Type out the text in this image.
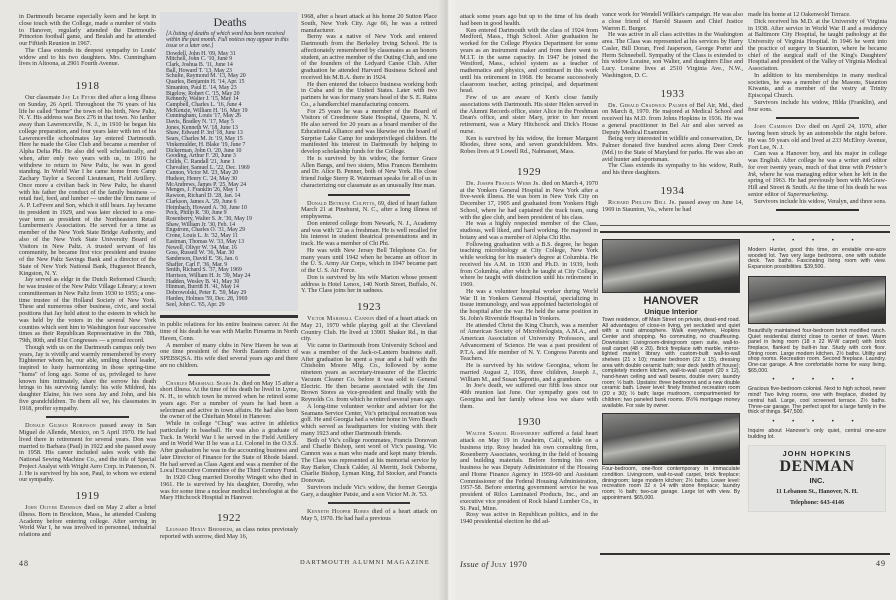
in Dartmouth became especially keen and he kept in close touch with the College, made a number of visits to Hanover, regularly attended the Dartmouth-Princeton football game, and Beulah and he attended our Fiftieth Reunion in 1967.

The Class extends its deepest sympathy to Louis' widow and to his two daughters. Mrs. Cunningham lives in Altoona, at 2901 Fourth Avenue.

1918

Our classmate Jay Le Fevre died after a long illness on Sunday, 26 April. Throughout the 76 years of his life he called "home" the town of his birth, New Paltz, N. Y. His address was Box 276 in that town. No farther away than Lawrenceville, N. J., in 1910 he began his college preparation, and four years later with ten of his Lawrenceville schoolmates Jay entered Dartmouth. Here he made the Glee Club and became a member of Alpha Delta Phi. He also did well scholastically, and when, after only two years with us, in 1916 he withdrew to return to New Paltz, he was in good standing. In World War I he came home from Camp Zachary Taylor a Second Lieutenant, Field Artillery. Once more a civilian back in New Paltz, he shared with his father the conduct of the family business — retail fuel, feed, and lumber — under the firm name of A. P. LeFevre and Son, which it still bears. Jay became its president in 1929, and was later elected to a one-year term as president of the Northeastern Retail Lumbermen's Association. He served for a time as member of the New York State Bridge Authority, and also of the New York State University Board of Visitors in New Paltz. A trusted servant of his community, he became first vice president and trustee of the New Paltz Savings Bank and a director of the State of New York National Bank, Huguenot Branch, Kingston, N. Y.

Jay served as eldgr in the Dutch Reformed Church; he was trustee of the New Paltz Village Library; a town committeeman in New Paltz from 1930 to 1955; a one-time trustee of the Holland Society of New York. These and numerous other business, civic, and social positions that Jay held attest to the esteem in which he was held by the voters in the several New York counties which sent him to Washington four successive times as their Republican Representative in the 78th, 79th, 80th, and 81st Congresses — a proud record.

Though with us on the Dartmouth campus only two years, Jay is vividly and warmly remembered by every Eighteener whom he, our able, smiling choral leader, inspired to lusty harmonizing in those spring-time "hums" of long ago. Some of us, privileged to have known him intimately, share the sorrow his death brings to his surviving family: his wife Mildred, his daughter Elaine, his two sons Jay and John, and his five grandchildren. To them all we, his classmates in 1918, proffer sympathy.

Donald Gilman Robinson passed away in San Miguel de Allende, Mexico, on 5 April 1970. He had lived there in retirement for several years. Don was married to Barbara (Paul) in 1922 and she passed away in 1958. His career included sales work with the National Sewing Machine Co., and the title of Special Project Analyst with Wright Aero Corp. in Paterson, N. J. He is survived by his son, Paul, to whom we extend our sympathy.

1919

John Oliver Emerson died on May 2 after a brief illness. Born in Brockton, Mass., he attended Cushing Academy before entering college. After serving in World War I, he was involved in personnel, industrial relations and

Deaths
[A listing of deaths of which word has been received within the past month. Full notices may appear in this issue or a later one.]
Dowdell, John H. '09, May 31
Mitchell, John C. '10, June 9
Clark, Joshua B. '11, June 14
Ball, Howard T. '13, May 23
Schulte, Raymond M. '13, May 20
Quarles, Benjamin H. '14, Apr. 15
Simanton, Paul E. '14, May 23
Bigelow, Robert C. '15, May 20
Kennedy, Walter J. '15, May 14
Campbell, Charles L. '16, June 4
McKenzie, William H. '16, May 19
Cunningham, Louis '17, May 26
Davis, Bradley N. '17, May 5
Jones, Kenneth W. '18, June 13
Shaw, Edward P. 3rd '18, June 13
Sears, Charles M. Jr. '19, May 15
Vinkemulder, H. Blake '19, June 7
Dickerman, John O. '20, June 10
Gooding, Arthur F. '20, June 3
Childs, C. Randall '21, June 1
Chevalier, Samuel L. '22, Dec. 1969
Cannon, Victor M. '23, May 20
Hudson, Henry C. '24, May 30
McAndrews, James P. '25, May 24
Menges, J. Franklin '26, May 1
Rawson, Richard D. '28, Jan. 14
Clarkson, James A. '29, June 6
Heimbach, Howard A. '30, June 10
Peck, Philip R. '30, June 9
Rosenberry, Walter S. Jr. '30, May 19
Shaw, William Jr. '30, Feb. 14
Engstrom, Charles O. '31, May 29
Crone, Louis L. Jr. '32, May 11
Eastman, Thomas W. '33, May 13
Newell, Oliver W. '34, Mar. 16
Goss, Russell W. '36, Mar. 30
Sanderson, David E. '36, Jan. 6
Shaffer, Carl F. '36, Mar. 9
Smith, Richard S. '37, May 1969
Harrison, William H. Jr. '39, May 24
Hadden, Wesley B. '41, May 30
Hinman, Burritt H. '41, May 14
Dobrowolski, Peter E. '59, May 29
Harden, Holmes '59, Dec. 28, 1969
Seel, John C. '65, Apr. 29

in public relations for his entire business career. At the time of his death he was with Marlin Firearms in North Haven, Conn.

A member of many clubs in New Haven he was at one time president of the North Eastern district of SPEBSQSA. His wife died several years ago and there are no children.

Charles Marshall Sears Jr. died on May 15 after a short illness. At the time of his death he lived in Lyme, N. H., to which town he moved when he retired some years ago. For a number of years he had been a selectman and active in town affairs. He had also been the owner of the Chieftain Motel in Hanover.

While in college "Chug" was active in athletics particularly in baseball. He was also a graduate of Tuck. In World War I he served in the Field Artillery and in World War II he was a Lt. Colonel in the O.S.S. After graduation he was in the accounting business and later Director of Finance for the State of Rhode Island. He had served as Class Agent and was a member of the Local Executive Committee of the Third Century Fund.

In 1920 Chug married Dorothy Wingett who died in 1961. He is survived by his daughter, Dorothy, who was for some time a nuclear medical technologist at the Mary Hitchcock Hospital in Hanover.

1922

Leonard Henly Bernheim, as class notes previously reported with sorrow, died May 16,

1968, after a heart attack at his home 20 Sutton Place South, New York City. Age 66, he was a retired manufacturer.

Berny was a native of New York and entered Dartmouth from the Berkeley Irving School. He is affectionately remembered by classmates as an honors student, an active member of the Outing Club, and one of the founders of the Ledyard Canoe Club. After graduation he attended Harvard Business School and received his M.B.A. there in 1924.

He then entered the tobacco business working both in Cuba and in the United States. Later with two partners he was for many years head of the S. E. Rains Co., a handkerchief manufacturing concern.

For 25 years he was a member of the Board of Visitors of Creedmore State Hospital, Queens, N. Y. He also served for 20 years as a board member of the Educational Alliance and was likewise on the board of Surprise Lake Camp for underprivileged children. He manifested his interest in Dartmouth by helping to develop scholarship funds for the College.

He is survived by his widow, the former Grace Allen Bangs, and two sisters, Miss Frances Bernheim and Dr. Alice B. Penner, both of New York. His close friend Judge Sterry R. Waterman speaks for all of us in characterizing our classmate as an unusually fine man.

Donald Bethune Colpitts, 69, died of heart failure March 21 at Pinehurst, N. C., after a long illness of emphysema.

Don entered college from Newark, N. J., Academy and was with '22 as a freshman. He is well recalled for his interest in student theatrical presentations and in track. He was a member of Chi Phi.

He was with New Jersey Bell Telephone Co. for many years until 1942 when he became an officer in the U. S. Army Air Corps, which in 1947 became part of the U. S. Air Force.

Don is survived by his wife Marion whose present address is Hotel Lenox, 140 North Street, Buffalo, N. Y. The Class joins her in sadness.

1923

Victor Marshall Cannon died of a heart attack on May 21, 1970 while playing golf at the Cleveland Country Club. He lived at 13901 Shaker Rd., in that city.

Vic came to Dartmouth from University School and was a member of the Jack-o-Lantern business staff. After graduation he spent a year and a half with the Chisholm Moore Mfg. Co., followed by some nineteen years as secretary-treasurer of the Electric Vacuum Cleaner Co. before it was sold to General Electric. He then became associated with the Jim Brown Stores as vice-president and finally with the Reynolds Co. from which he retired several years ago.

A long-time volunteer worker and adviser for the Seamans Service Center, Vic's principal recreation was golf. He and Georgia had a winter home in Vero Beach which served as headquarters for visiting with their many 1923 and other Dartmouth friends.

Both of Vic's college roommates, Francis Donovan and Charlie Bishop, sent word of Vic's passing. Vic Cannon was a man who made and kept many friends. The Class was represented at his memorial service by Ray Barker, Chuck Calder, Al Merritt, Jock Osborne, Charlie Bishop, Lyman King, Ed Stocker, and Francis Donovan.

Survivors include Vic's widow, the former Georgia Gary, a daughter Patsie, and a son Victor M. Jr. '53.

Kenneth Hooper Robes died of a heart attack on May 5, 1970. He had had a previous

48	DARTMOUTH ALUMNI MAGAZINE

attack some years ago but up to the time of his death had been in good health.

Ken entered Dartmouth with the class of 1924 from Medford, Mass., High School. After graduation he worked for the College Physics Department for some years as an instrument maker and from there went to M.I.T. in the same capacity. In 1947 he joined the Westford, Mass., school system as a teacher of mathematics and physics, and continued in this work until his retirement in 1968. He became successively classroom teacher, acting principal, and department head.

Few of us are aware of Ken's close family associations with Dartmouth. His sister Helen served in the Alumni Records office, sister Alice in the Freshman Dean's office, and sister Mary, prior to her recent retirement, was a Mary Hitchcock and Dick's House nurse.

Ken is survived by his widow, the former Margaret Rhodes, three sons, and seven grandchildren. Mrs. Robes lives at 9 Lowell Rd., Nabnasset, Mass.

1929

Dr. Joseph Francis Webb Jr. died on March 4, 1970 at the Yonkers General Hospital in New York after a five-week illness. He was born in New York City on December 17, 1905 and graduated from Yonkers High School, where he had captained the track team, sung with the glee club, and been president of his class.

He was a highly respected member of the Class, studious, well liked, and hard working. He majored in botany and was a member of Alpha Chi Rho.

Following graduation with a B.S. degree, he began teaching microbiology at City College, New York while working for his master's degree at Columbia. He received his A.M. in 1930 and Ph.D. in 1939, both from Columbia, after which he taught at City College, where he taught with distinction until his retirement in 1969.

He was a volunteer hospital worker during World War II in Yonkers General Hospital, specializing in tissue immunology, and was appointed bacteriologist of the hospital after the war. He held the same position in St. John's Riverside Hospital in Yonkers.

He attended Christ the King Church, was a member of American Society of Microbiologists, A.M.A., and American Association of University Professors, and Advancement of Science. He was a past president of P.T.A. and life member of N. Y. Congress Parents and Teachers.

He is survived by his widow Georgina, whom he married August 2, 1936, three children, Joseph J., William M., and Susan Saporito, and a grandson.

In Joe's death, we suffered our fifth loss since our 40th reunion last June. Our sympathy goes out to Georgina and her family whose loss we share with them.

1930

Walter Samuel Rosenberry suffered a fatal heart attack on May 19 in Anaheim, Calif., while on a business trip. Rosy headed his own consulting firm, Rosenberry Associates, working in the field of housing and building materials. Before forming his own business he was Deputy Administrator of the Housing and Home Finance Agency in 1959-60 and Assistant Commissioner of the Federal Housing Administration, 1957-58. Before entering government service he was president of Rilco Laminated Products, Inc., and an executive vice president of Rock Island Lumber Co., in St. Paul, Minn.

Rosy was active in Republican politics, and in the 1940 presidential election he did ad-

vance work for Wendell Willkie's campaign. He was also a close friend of Harold Stassen and Chief Justice Warren E. Burger.

He was active in all class activities in the Washington area. The Class was represented at his services by Harry Casler, Bill Doran, Fred Jasperson, George Porter and Herm Schneebell. Sympathy of the Class is extended to his widow Loraine, son Walter, and daughters Elise and Lucy. Loraine lives at 2510 Virginia Ave., N.W., Washington, D. C.

1933

Dr. Gerald Chadwick Palmer of Bel Air, Md., died on March 8, 1970. He majored at Medical School and received his M.D. from Johns Hopkins in 1936. He was a general practitioner in Bel Air and also served as Deputy Medical Examiner.

Being very interested in wildlife and conservation, Dr. Palmer donated five hundred acres along Deer Creek (Md.) to the State of Maryland for parks. He was also an avid hunter and sportsman.

The Class extends its sympathy to his widow, Ruth, and his three daughters.

1934

Richard Phillips Bell Jr. passed away on June 14, 1969 in Staunton, Va., where he had

made his home at 12 Oakenwold Terrace.

Dick received his M.D. at the University of Virginia in 1938. After service in World War II and a residency at Baltimore City Hospital, he taught pathology at the University of Virginia Hospital. In 1946 he went into the practice of surgery in Staunton, where he became chief of the surgical staff of the King's Daughters' Hospital and president of the Valley of Virginia Medical Association.

In addition to his memberships in many medical societies, he was a member of the Masons, Staunton Kiwanis, and a member of the vestry at Trinity Episcopal Church.

Survivors include his widow, Hilda (Franklin), and four sons.

John Cameron Day died on April 24, 1970, after having been struck by an automobile the night before. He was 59 years old and lived at 233 McElroy Avenue, Fort Lee, N. J.

Cam was a Hanover boy, and his major in college was English. After college he was a writer and editor for over twenty years, much of that time with Printer's Ink, where he was managing editor when he left in the spring of 1963. He had previously been with McGraw-Hill and Street & Smith. At the time of his death he was senior editor of Supermarketing.

Survivors include his widow, Veralyn, and three sons.

HANOVER
Unique Interior

Town residence, off Main Street on private, dead-end road. All advantages of close-in living, yet secluded and quiet with a rural atmosphere. Walk everywhere, Hopkins Center and shopping. No commuting, no chauffeuring. Downstairs: Livingroom-diningroom open suite, wall-to-wall carpet (48 x 20). Brick fireplace with marble, mirror-lighted mantel; library with custom-built wall-to-wall shelves (21 x 10); master bedroom (22 x 15), dressing area with double ceramic bath; rear deck (width of house); completely modern kitchen, wall-to-wall carpet (20 x 12), hand-hewn ceiling and wall beams, double oven; laundry room; ½ bath. Upstairs: three bedrooms and a new double ceramic bath. Lower level: finely finished recreation room (20 x 30); ½ bath; large mudroom, compartmented for children; two paneled bunk rooms. 8½% mortgage money available. For sale by owner.

Four-bedroom, one-floor contemporary in immaculate condition. Livingroom, wall-to-wall carpet, brick fireplace; diningroom; large modern kitchen; 2½ baths. Lower level: recreation room 32 x 14 with stone fireplace; laundry room; ½ bath; two-car garage. Large lot with view. By appointment. $65,000.

• • • • •

Modern Hunter, good this time, on enviable one-acre wooded lot. Two very large bedrooms, one with outside deck. Two baths. Fascinating living room with view. Expansion possibilities. $39,500.

Beautifully maintained four-bedroom brick modified ranch. Quiet residential district close to center of town. Warm panel in living room (18 x 22 W-W carpet) with brick fireplace, flanked by built-in bar. Study with cork floor. Dining room. Large modern kitchen. 2½ baths. Utility and shop rooms. Recreation room. Second fireplace. Laundry. One-car garage. A fine comfortable home for easy living. $65,000.

• • • • •

Gracious five-bedroom colonial. Next to high school, never mind! Two living rooms, one with fireplace, divided by central hall. Large, cool screened terrace. 2½ baths. Three-car garage. The perfect spot for a large family in the thick of things. $47,500.

• • • • •

Inquire about Hanover's only quiet, central one-acre building lot.

JOHN HOPKINS
DENMAN
INC.
11 Lebanon St., Hanover, N. H.
Telephone: 643-4146
Issue of July 1970	49
